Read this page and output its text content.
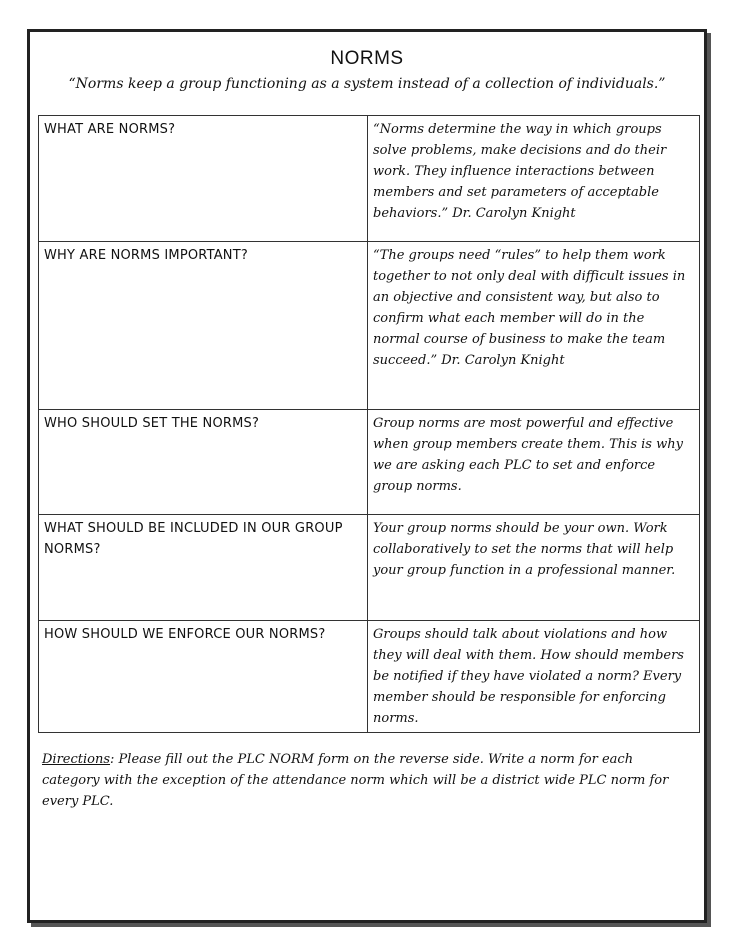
NORMS
“Norms keep a group functioning as a system instead of a collection of individuals.”
WHAT ARE NORMS?	“Norms determine the way in which groups solve problems, make decisions and do their work. They influence interactions between members and set parameters of acceptable behaviors.” Dr. Carolyn Knight
WHY ARE NORMS IMPORTANT?	“The groups need “rules” to help them work together to not only deal with difficult issues in an objective and consistent way, but also to confirm what each member will do in the normal course of business to make the team succeed.” Dr. Carolyn Knight
WHO SHOULD SET THE NORMS?	Group norms are most powerful and effective when group members create them. This is why we are asking each PLC to set and enforce group norms.
WHAT SHOULD BE INCLUDED IN OUR GROUP NORMS?	Your group norms should be your own. Work collaboratively to set the norms that will help your group function in a professional manner.
HOW SHOULD WE ENFORCE OUR NORMS?	Groups should talk about violations and how they will deal with them. How should members be notified if they have violated a norm? Every member should be responsible for enforcing norms.
Directions: Please fill out the PLC NORM form on the reverse side. Write a norm for each category with the exception of the attendance norm which will be a district wide PLC norm for every PLC.
